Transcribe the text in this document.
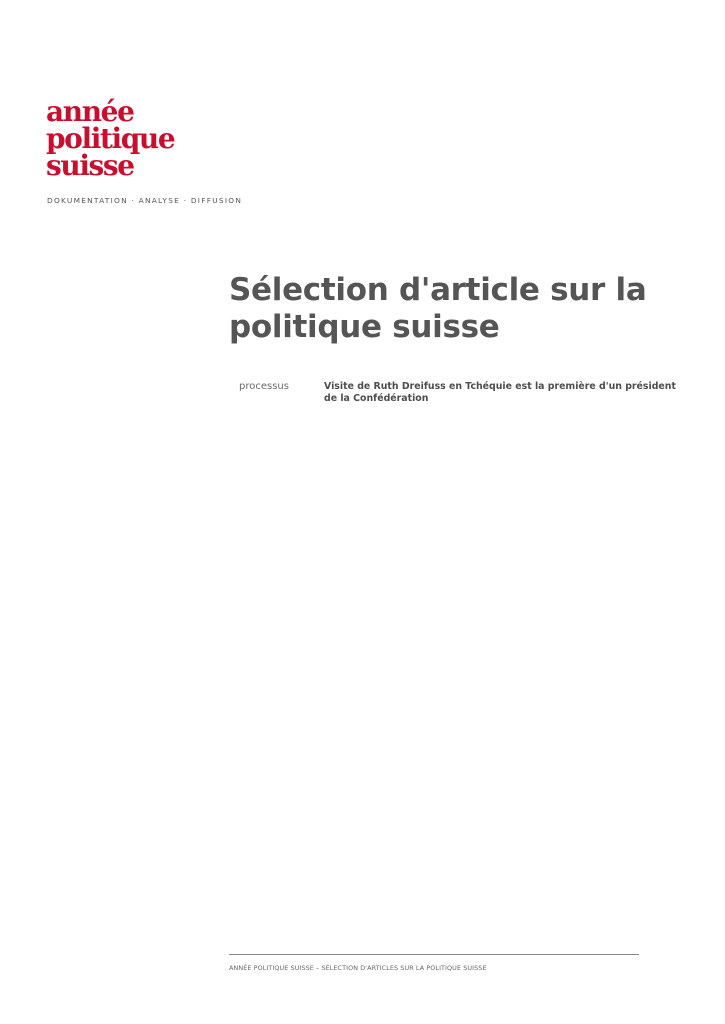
année
politique
suisse
DOKUMENTATION · ANALYSE · DIFFUSION
Sélection d'article sur la politique suisse
processus	Visite de Ruth Dreifuss en Tchéquie est la première d'un président de la Confédération
ANNÉE POLITIQUE SUISSE – SÉLECTION D'ARTICLES SUR LA POLITIQUE SUISSE
